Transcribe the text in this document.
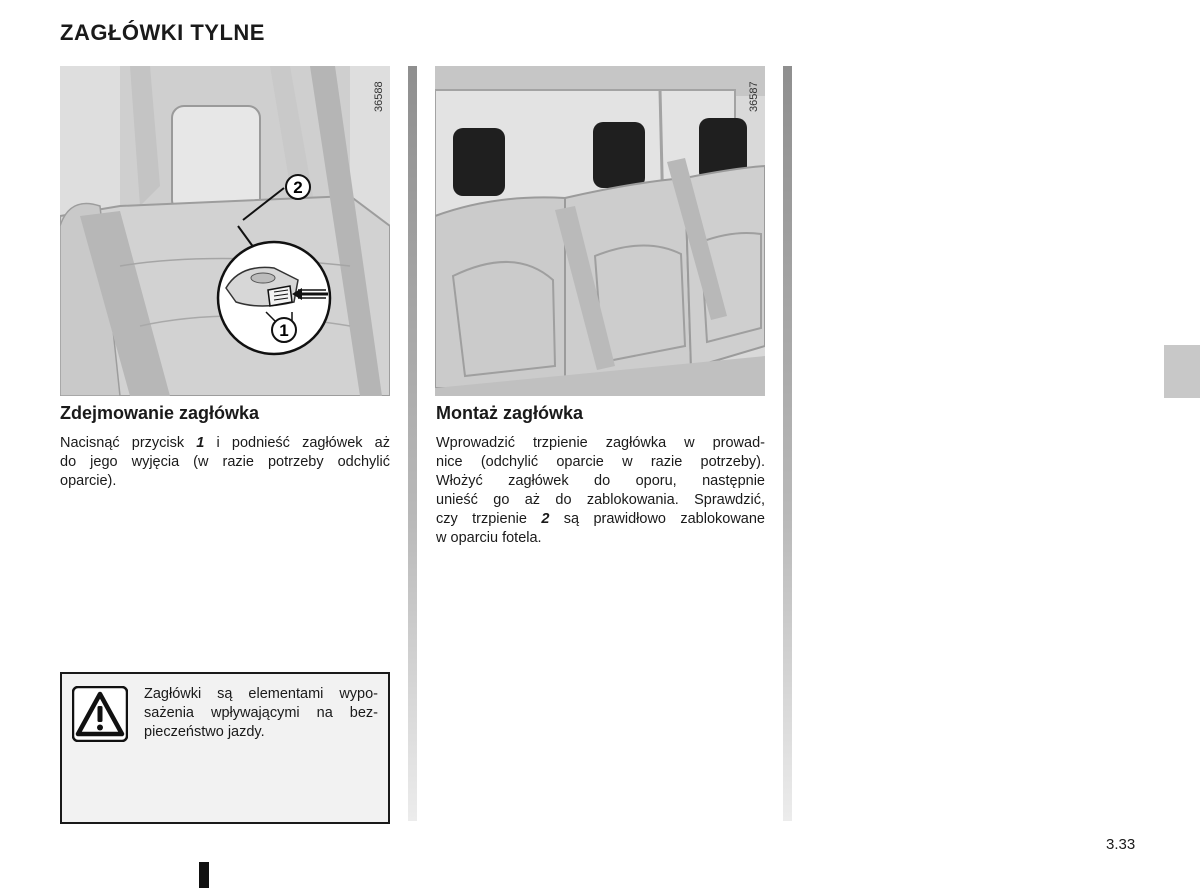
ZAGŁÓWKI TYLNE
2
1
36588	36587
Zdejmowanie zagłówka
Nacisnąć przycisk 1 i podnieść zagłówek aż
do jego wyjęcia (w razie potrzeby odchylić
oparcie).
Montaż zagłówka
Wprowadzić trzpienie zagłówka w prowad-
nice (odchylić oparcie w razie potrzeby).
Włożyć zagłówek do oporu, następnie
unieść go aż do zablokowania. Sprawdzić,
czy trzpienie 2 są prawidłowo zablokowane
w oparciu fotela.
Zagłówki są elementami wypo-
sażenia wpływającymi na bez-
pieczeństwo jazdy.
3.33
